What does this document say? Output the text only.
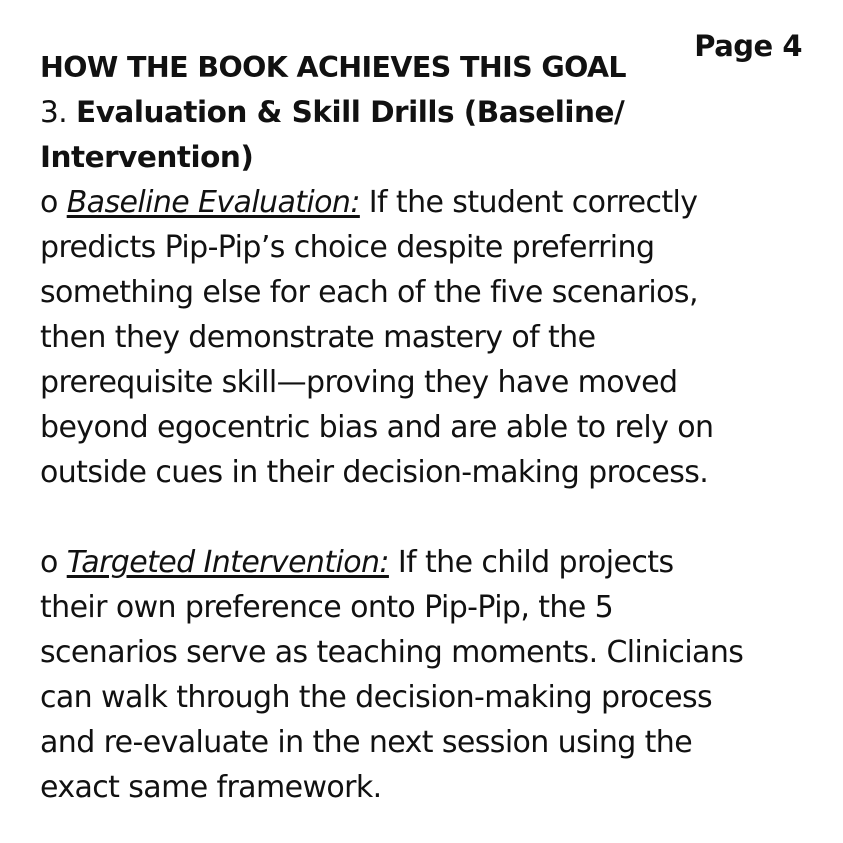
Page 4
HOW THE BOOK ACHIEVES THIS GOAL
3. Evaluation & Skill Drills (Baseline/
Intervention)

o Baseline Evaluation: If the student correctly
predicts Pip-Pip’s choice despite preferring
something else for each of the five scenarios,
then they demonstrate mastery of the
prerequisite skill—proving they have moved
beyond egocentric bias and are able to rely on
outside cues in their decision-making process.

o Targeted Intervention: If the child projects
their own preference onto Pip-Pip, the 5
scenarios serve as teaching moments. Clinicians
can walk through the decision-making process
and re-evaluate in the next session using the
exact same framework.
